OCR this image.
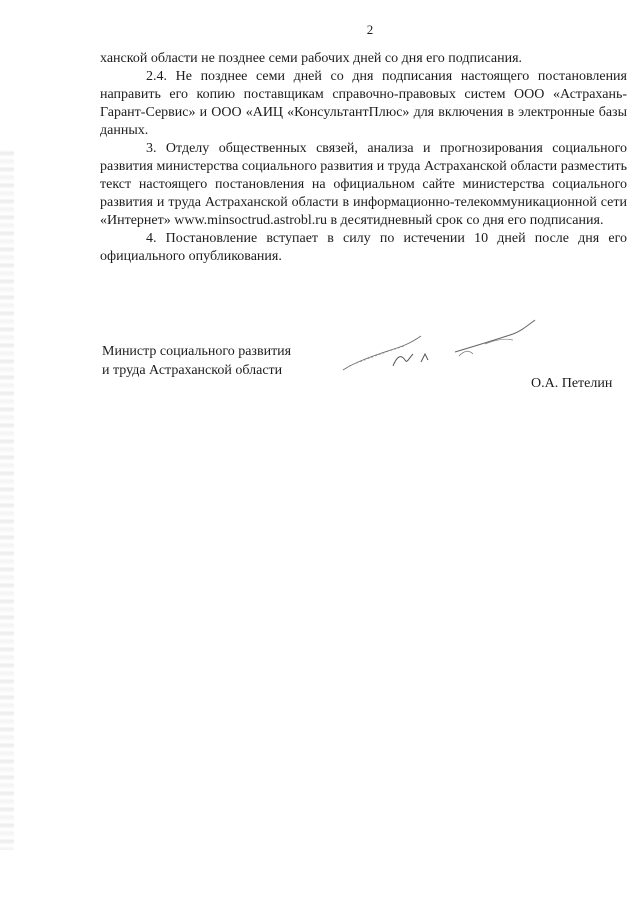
2

ханской области не позднее семи рабочих дней со дня его подписания.

2.4. Не позднее семи дней со дня подписания настоящего постановления направить его копию поставщикам справочно-правовых систем ООО «Астрахань-Гарант-Сервис» и ООО «АИЦ «КонсультантПлюс» для включения в электронные базы данных.

3. Отделу общественных связей, анализа и прогнозирования социального развития министерства социального развития и труда Астраханской области разместить текст настоящего постановления на официальном сайте министерства социального развития и труда Астраханской области в информационно-телекоммуникационной сети «Интернет» www.minsoctrud.astrobl.ru в десятидневный срок со дня его подписания.

4. Постановление вступает в силу по истечении 10 дней после дня его официального опубликования.

Министр социального развития
и труда Астраханской области
О.А. Петелин
